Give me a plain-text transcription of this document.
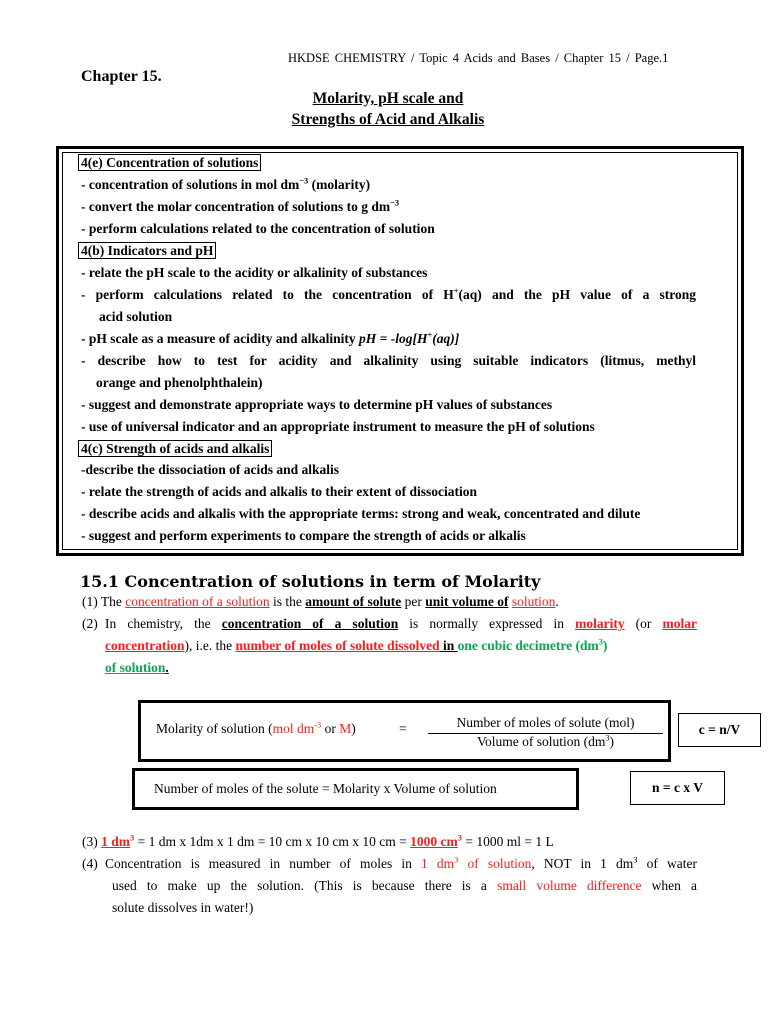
HKDSE CHEMISTRY / Topic 4 Acids and Bases / Chapter 15 / Page.1
Chapter 15.
Molarity, pH scale and
Strengths of Acid and Alkalis
4(e) Concentration of solutions
- concentration of solutions in mol $dm^{-3}$ (molarity)
- convert the molar concentration of solutions to g $dm^{-3}$
- perform calculations related to the concentration of solution
4(b) Indicators and pH
- relate the pH scale to the acidity or alkalinity of substances
- perform calculations related to the concentration of H+(aq) and the pH value of a strong
acid solution
- pH scale as a measure of acidity and alkalinity pH = -log[H+(aq)]
- describe how to test for acidity and alkalinity using suitable indicators (litmus, methyl
orange and phenolphthalein)
- suggest and demonstrate appropriate ways to determine pH values of substances
- use of universal indicator and an appropriate instrument to measure the pH of solutions
4(c) Strength of acids and alkalis
-describe the dissociation of acids and alkalis
- relate the strength of acids and alkalis to their extent of dissociation
- describe acids and alkalis with the appropriate terms: strong and weak, concentrated and dilute
- suggest and perform experiments to compare the strength of acids or alkalis
15.1 Concentration of solutions in term of Molarity
(1) The concentration of a solution is the amount of solute per unit volume of solution.
(2) In chemistry, the concentration of a solution is normally expressed in molarity (or molar
concentration), i.e. the number of moles of solute dissolved in one cubic decimetre $(dm^3)$
of solution.
Molarity of solution (mol $dm^{-3}$ or M)	=	Number of moles of solute (mol)
Volume of solution $(dm^3)$
c = n/V
Number of moles of the solute = Molarity x Volume of solution	n = c x V
(3) 1 $dm^3 = 1$ dm x 1dm x 1 dm = 10 cm x 10 cm x 10 cm = 1000 $cm^3 = 1000$ ml = 1 L
(4) Concentration is measured in number of moles in 1 $dm^3$ of solution, NOT in 1 $dm^3$ of water
used to make up the solution. (This is because there is a small volume difference when a
solute dissolves in water!)
